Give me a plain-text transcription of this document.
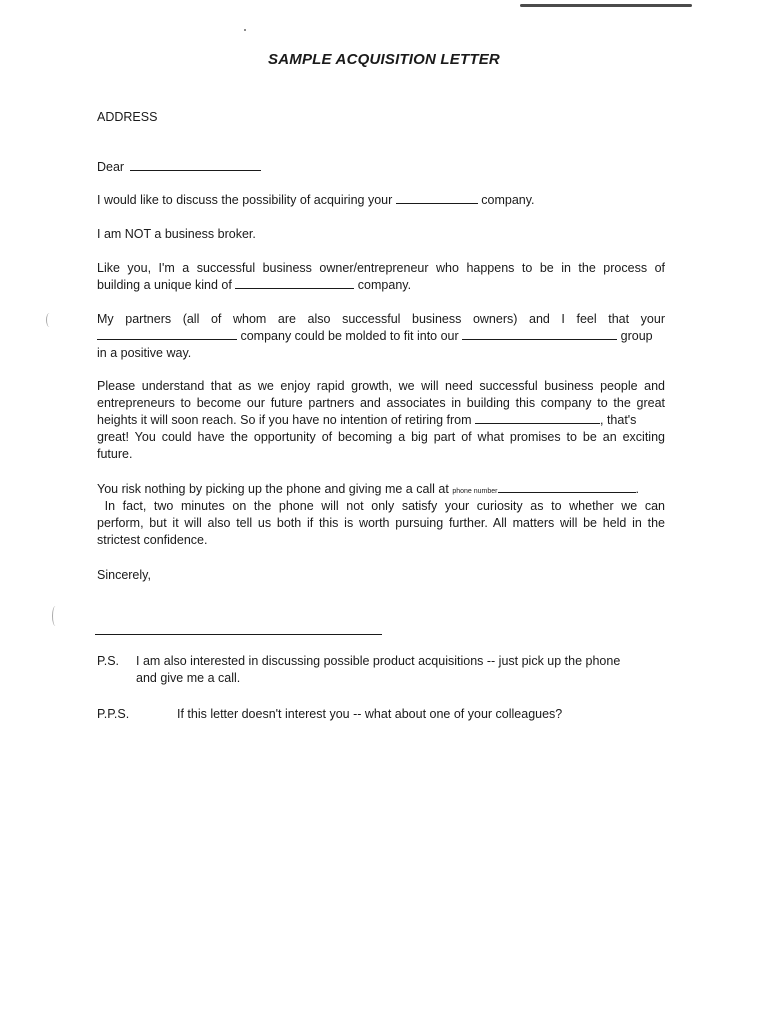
SAMPLE ACQUISITION LETTER
ADDRESS
Dear
I would like to discuss the possibility of acquiring your	company.
I am NOT a business broker.
Like you, I'm a successful business owner/entrepreneur who happens to be in the process of
building a unique kind of	company.
My partners (all of whom are also successful business owners) and I feel that your
company could be molded to fit into our	group
in a positive way.
Please understand that as we enjoy rapid growth, we will need successful business people and
entrepreneurs to become our future partners and associates in building this company to the great
heights it will soon reach. So if you have no intention of retiring from	, that's
great! You could have the opportunity of becoming a big part of what promises to be an exciting
future.
You risk nothing by picking up the phone and giving me a call at phone number	.
In fact, two minutes on the phone will not only satisfy your curiosity as to whether we can
perform, but it will also tell us both if this is worth pursuing further. All matters will be held in the
strictest confidence.
Sincerely,
P.S. I am also interested in discussing possible product acquisitions -- just pick up the phone
and give me a call.
P.P.S.	If this letter doesn't interest you -- what about one of your colleagues?
